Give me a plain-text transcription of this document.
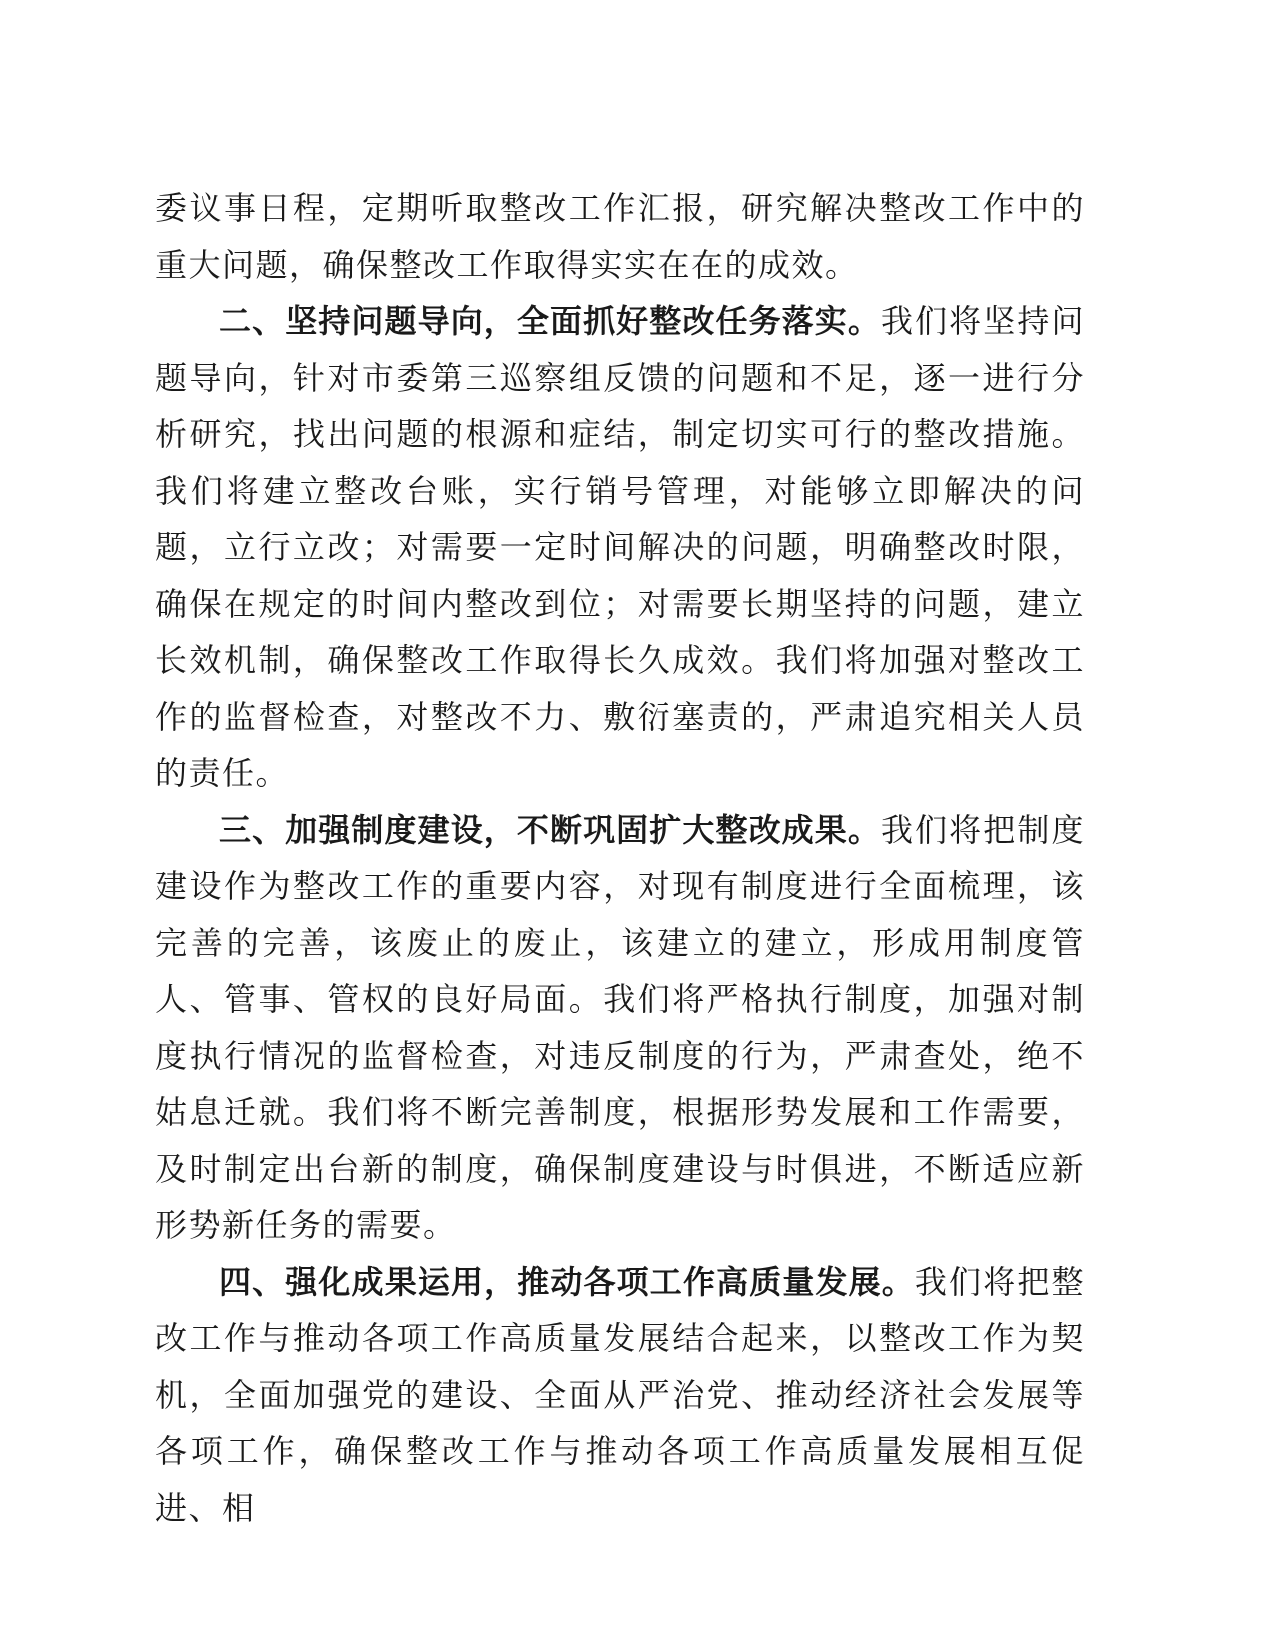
委议事日程，定期听取整改工作汇报，研究解决整改工作中的重大问题，确保整改工作取得实实在在的成效。

二、坚持问题导向，全面抓好整改任务落实。我们将坚持问题导向，针对市委第三巡察组反馈的问题和不足，逐一进行分析研究，找出问题的根源和症结，制定切实可行的整改措施。我们将建立整改台账，实行销号管理，对能够立即解决的问题，立行立改；对需要一定时间解决的问题，明确整改时限，确保在规定的时间内整改到位；对需要长期坚持的问题，建立长效机制，确保整改工作取得长久成效。我们将加强对整改工作的监督检查，对整改不力、敷衍塞责的，严肃追究相关人员的责任。

三、加强制度建设，不断巩固扩大整改成果。我们将把制度建设作为整改工作的重要内容，对现有制度进行全面梳理，该完善的完善，该废止的废止，该建立的建立，形成用制度管人、管事、管权的良好局面。我们将严格执行制度，加强对制度执行情况的监督检查，对违反制度的行为，严肃查处，绝不姑息迁就。我们将不断完善制度，根据形势发展和工作需要，及时制定出台新的制度，确保制度建设与时俱进，不断适应新形势新任务的需要。

四、强化成果运用，推动各项工作高质量发展。我们将把整改工作与推动各项工作高质量发展结合起来，以整改工作为契机，全面加强党的建设、全面从严治党、推动经济社会发展等各项工作，确保整改工作与推动各项工作高质量发展相互促进、相
